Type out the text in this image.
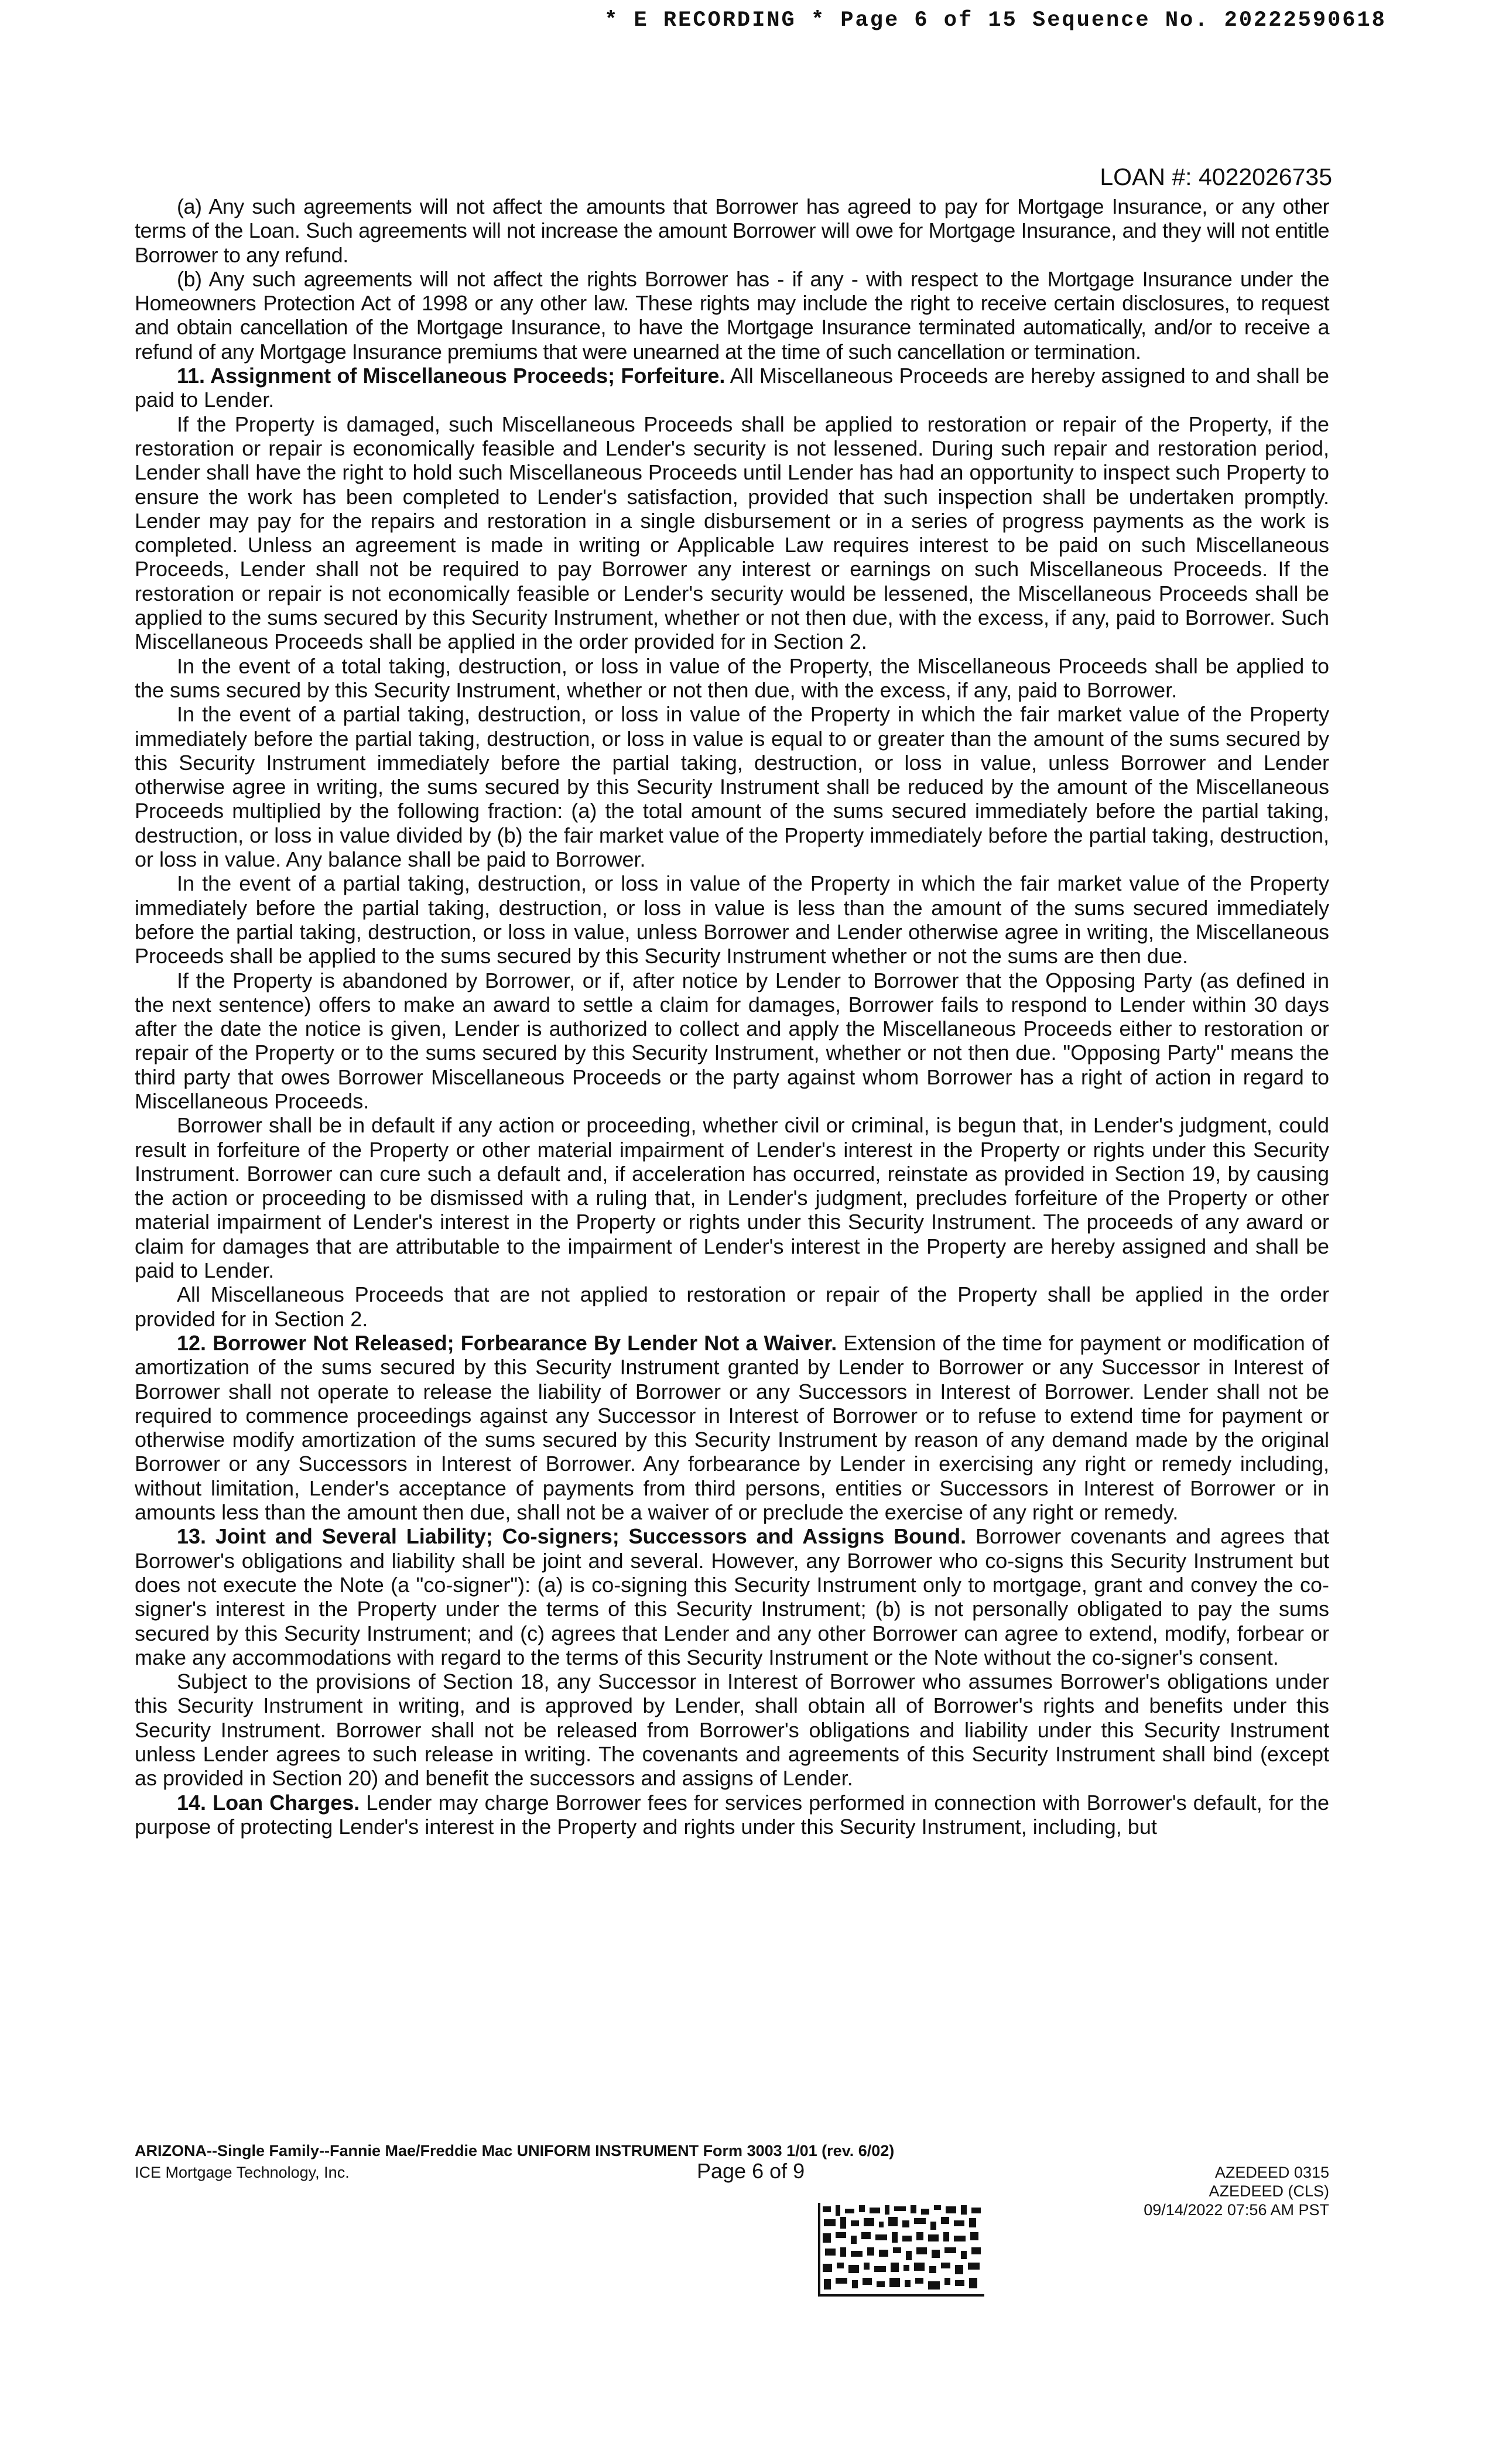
* E RECORDING * Page 6 of 15 Sequence No. 20222590618
LOAN #: 4022026735

(a) Any such agreements will not affect the amounts that Borrower has agreed to pay for Mortgage Insurance, or any other terms of the Loan. Such agreements will not increase the amount Borrower will owe for Mortgage Insurance, and they will not entitle Borrower to any refund.

(b) Any such agreements will not affect the rights Borrower has - if any - with respect to the Mortgage Insurance under the Homeowners Protection Act of 1998 or any other law. These rights may include the right to receive certain disclosures, to request and obtain cancellation of the Mortgage Insurance, to have the Mortgage Insurance terminated automatically, and/or to receive a refund of any Mortgage Insurance premiums that were unearned at the time of such cancellation or termination.

11. Assignment of Miscellaneous Proceeds; Forfeiture. All Miscellaneous Proceeds are hereby assigned to and shall be paid to Lender.

If the Property is damaged, such Miscellaneous Proceeds shall be applied to restoration or repair of the Property, if the restoration or repair is economically feasible and Lender's security is not lessened. During such repair and restoration period, Lender shall have the right to hold such Miscellaneous Proceeds until Lender has had an opportunity to inspect such Property to ensure the work has been completed to Lender's satisfaction, provided that such inspection shall be undertaken promptly. Lender may pay for the repairs and restoration in a single disbursement or in a series of progress payments as the work is completed. Unless an agreement is made in writing or Applicable Law requires interest to be paid on such Miscellaneous Proceeds, Lender shall not be required to pay Borrower any interest or earnings on such Miscellaneous Proceeds. If the restoration or repair is not economically feasible or Lender's security would be lessened, the Miscellaneous Proceeds shall be applied to the sums secured by this Security Instrument, whether or not then due, with the excess, if any, paid to Borrower. Such Miscellaneous Proceeds shall be applied in the order provided for in Section 2.

In the event of a total taking, destruction, or loss in value of the Property, the Miscellaneous Proceeds shall be applied to the sums secured by this Security Instrument, whether or not then due, with the excess, if any, paid to Borrower.

In the event of a partial taking, destruction, or loss in value of the Property in which the fair market value of the Property immediately before the partial taking, destruction, or loss in value is equal to or greater than the amount of the sums secured by this Security Instrument immediately before the partial taking, destruction, or loss in value, unless Borrower and Lender otherwise agree in writing, the sums secured by this Security Instrument shall be reduced by the amount of the Miscellaneous Proceeds multiplied by the following fraction: (a) the total amount of the sums secured immediately before the partial taking, destruction, or loss in value divided by (b) the fair market value of the Property immediately before the partial taking, destruction, or loss in value. Any balance shall be paid to Borrower.

In the event of a partial taking, destruction, or loss in value of the Property in which the fair market value of the Property immediately before the partial taking, destruction, or loss in value is less than the amount of the sums secured immediately before the partial taking, destruction, or loss in value, unless Borrower and Lender otherwise agree in writing, the Miscellaneous Proceeds shall be applied to the sums secured by this Security Instrument whether or not the sums are then due.

If the Property is abandoned by Borrower, or if, after notice by Lender to Borrower that the Opposing Party (as defined in the next sentence) offers to make an award to settle a claim for damages, Borrower fails to respond to Lender within 30 days after the date the notice is given, Lender is authorized to collect and apply the Miscellaneous Proceeds either to restoration or repair of the Property or to the sums secured by this Security Instrument, whether or not then due. "Opposing Party" means the third party that owes Borrower Miscellaneous Proceeds or the party against whom Borrower has a right of action in regard to Miscellaneous Proceeds.

Borrower shall be in default if any action or proceeding, whether civil or criminal, is begun that, in Lender's judgment, could result in forfeiture of the Property or other material impairment of Lender's interest in the Property or rights under this Security Instrument. Borrower can cure such a default and, if acceleration has occurred, reinstate as provided in Section 19, by causing the action or proceeding to be dismissed with a ruling that, in Lender's judgment, precludes forfeiture of the Property or other material impairment of Lender's interest in the Property or rights under this Security Instrument. The proceeds of any award or claim for damages that are attributable to the impairment of Lender's interest in the Property are hereby assigned and shall be paid to Lender.

All Miscellaneous Proceeds that are not applied to restoration or repair of the Property shall be applied in the order provided for in Section 2.

12. Borrower Not Released; Forbearance By Lender Not a Waiver. Extension of the time for payment or modification of amortization of the sums secured by this Security Instrument granted by Lender to Borrower or any Successor in Interest of Borrower shall not operate to release the liability of Borrower or any Successors in Interest of Borrower. Lender shall not be required to commence proceedings against any Successor in Interest of Borrower or to refuse to extend time for payment or otherwise modify amortization of the sums secured by this Security Instrument by reason of any demand made by the original Borrower or any Successors in Interest of Borrower. Any forbearance by Lender in exercising any right or remedy including, without limitation, Lender's acceptance of payments from third persons, entities or Successors in Interest of Borrower or in amounts less than the amount then due, shall not be a waiver of or preclude the exercise of any right or remedy.

13. Joint and Several Liability; Co-signers; Successors and Assigns Bound. Borrower covenants and agrees that Borrower's obligations and liability shall be joint and several. However, any Borrower who co-signs this Security Instrument but does not execute the Note (a "co-signer"): (a) is co-signing this Security Instrument only to mortgage, grant and convey the co-signer's interest in the Property under the terms of this Security Instrument; (b) is not personally obligated to pay the sums secured by this Security Instrument; and (c) agrees that Lender and any other Borrower can agree to extend, modify, forbear or make any accommodations with regard to the terms of this Security Instrument or the Note without the co-signer's consent.

Subject to the provisions of Section 18, any Successor in Interest of Borrower who assumes Borrower's obligations under this Security Instrument in writing, and is approved by Lender, shall obtain all of Borrower's rights and benefits under this Security Instrument. Borrower shall not be released from Borrower's obligations and liability under this Security Instrument unless Lender agrees to such release in writing. The covenants and agreements of this Security Instrument shall bind (except as provided in Section 20) and benefit the successors and assigns of Lender.

14. Loan Charges. Lender may charge Borrower fees for services performed in connection with Borrower's default, for the purpose of protecting Lender's interest in the Property and rights under this Security Instrument, including, but

ARIZONA--Single Family--Fannie Mae/Freddie Mac UNIFORM INSTRUMENT Form 3003 1/01 (rev. 6/02)
ICE Mortgage Technology, Inc.	Page 6 of 9	AZEDEED 0315
AZEDEED (CLS)
09/14/2022 07:56 AM PST
